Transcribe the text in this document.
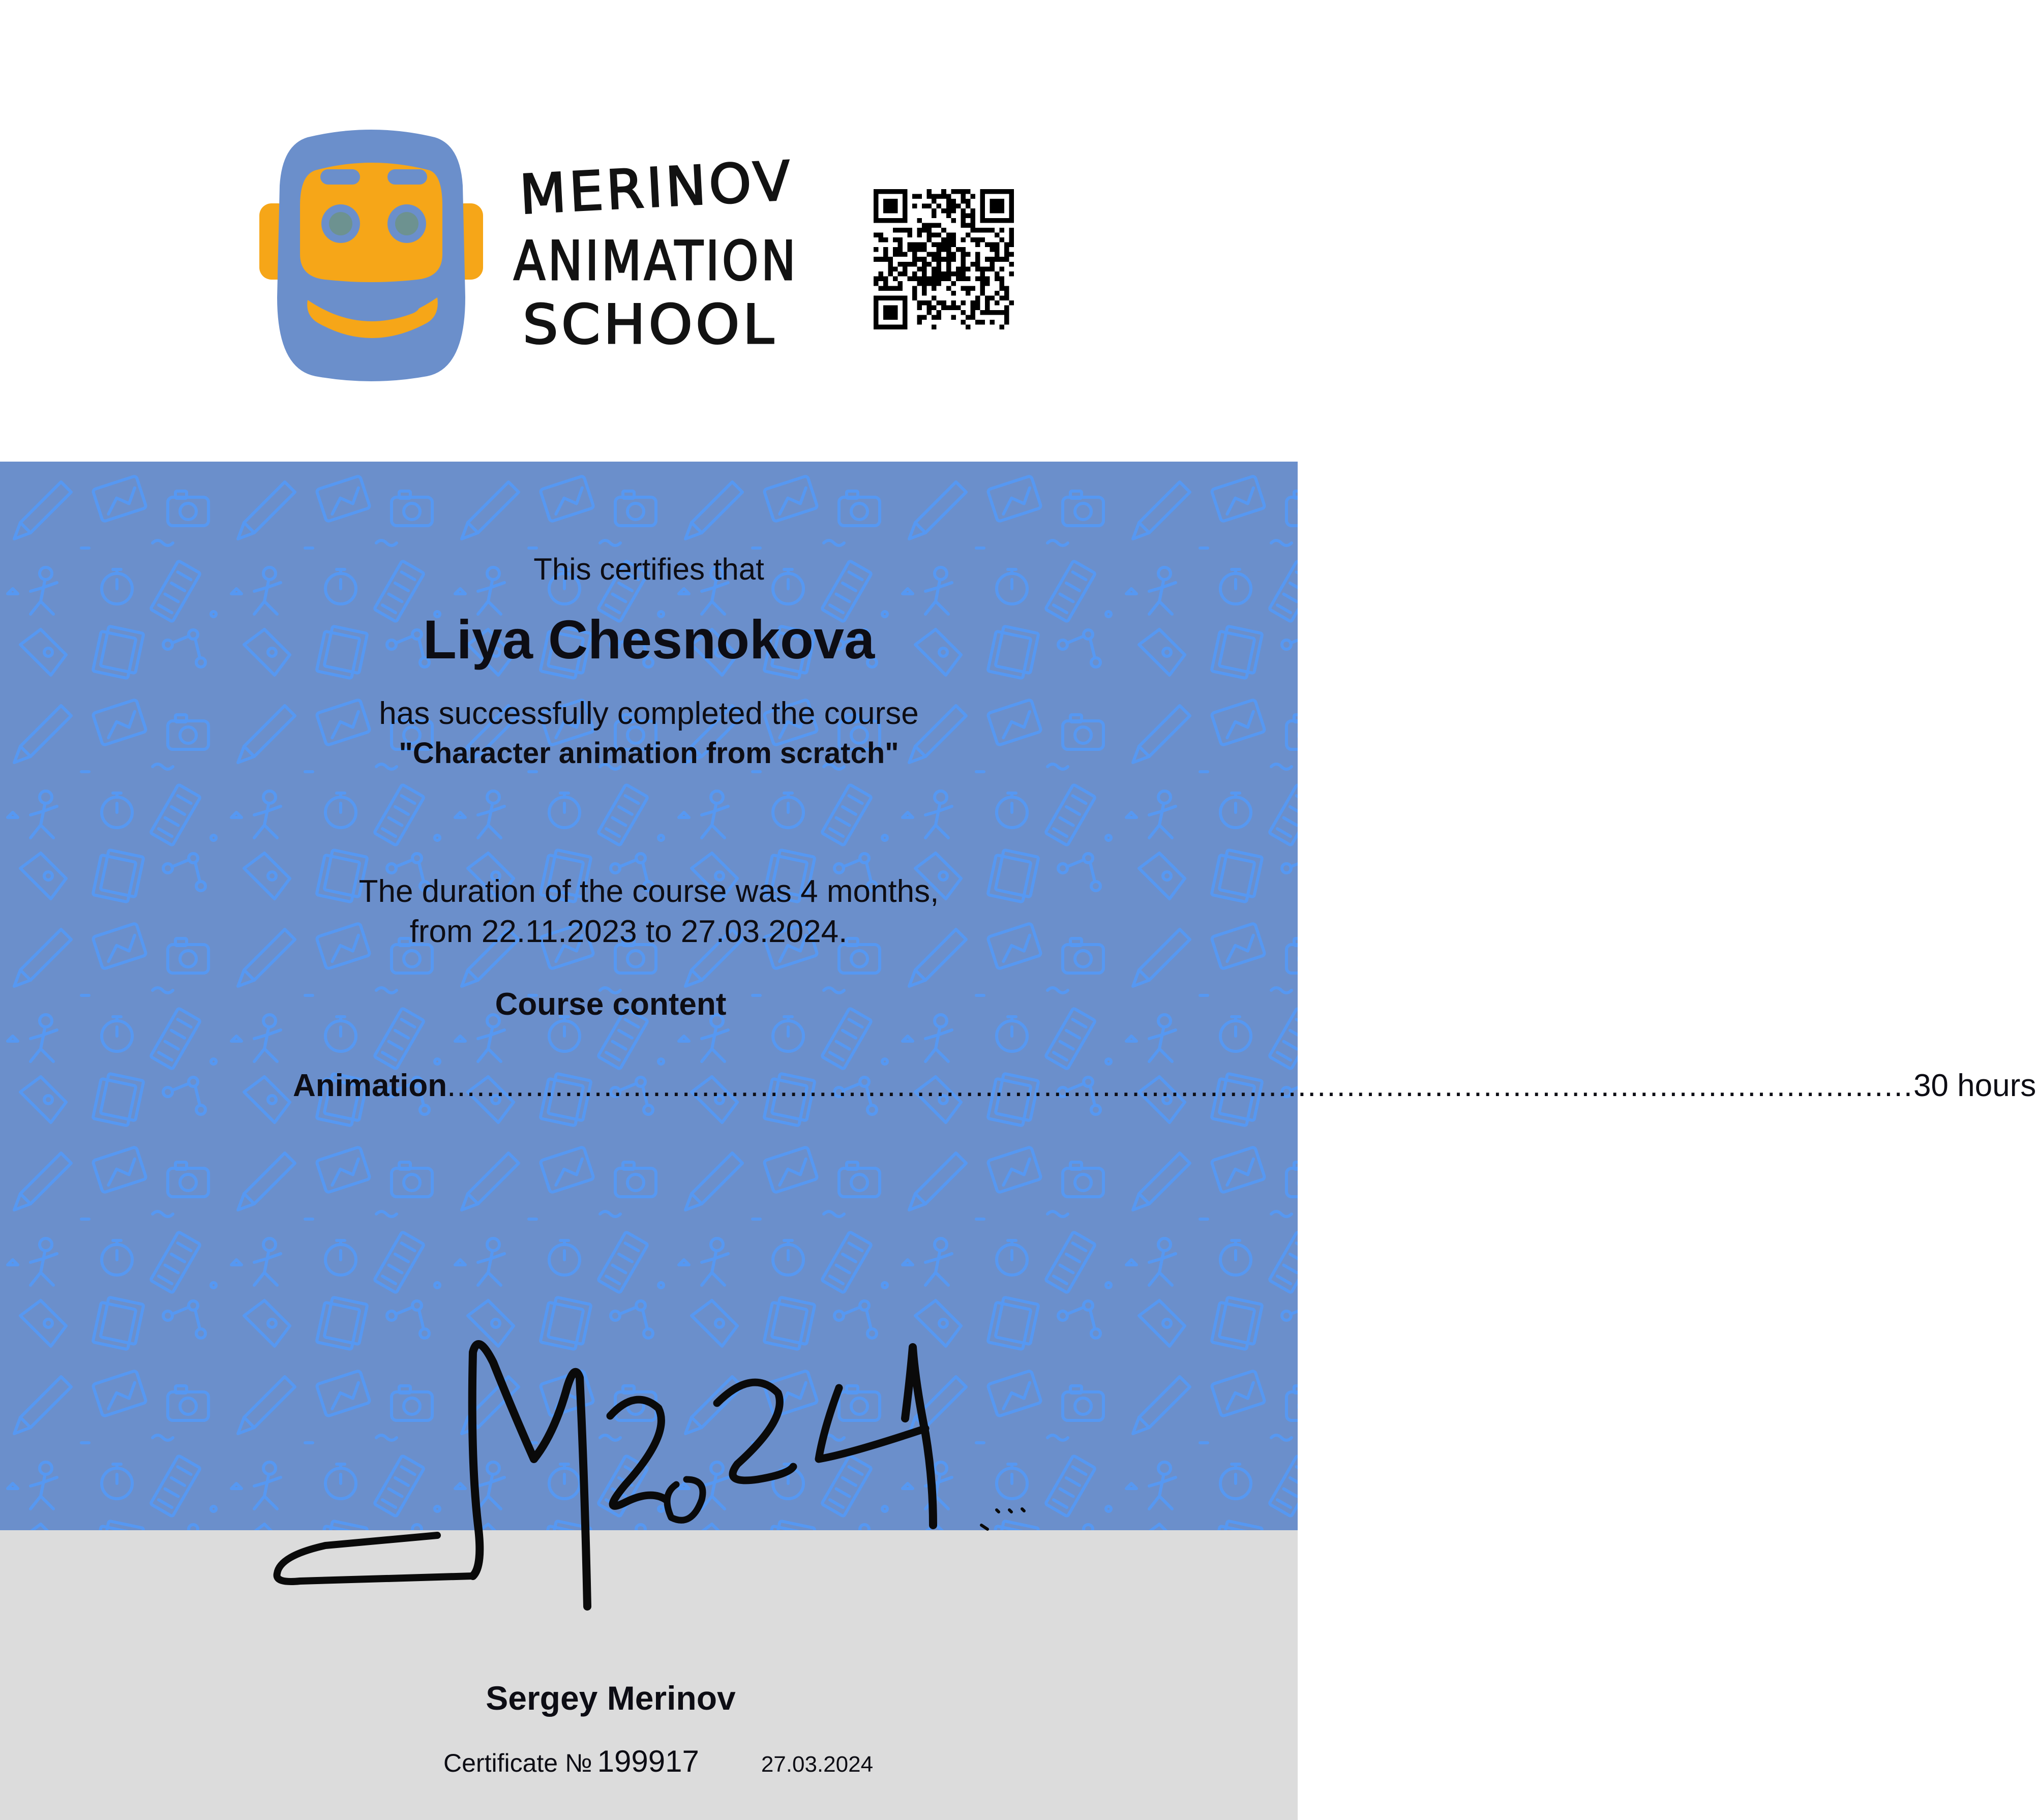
MERINOV
ANIMATION
SCHOOL
This certifies that
Liya Chesnokova
has successfully completed the course
"Character animation from scratch"
The duration of the course was 4 months,
from 22.11.2023 to 27.03.2024.
Course content
Animation ...................................................................................................................................................... 30 hours
Sergey Merinov
Certificate № 199917	27.03.2024
